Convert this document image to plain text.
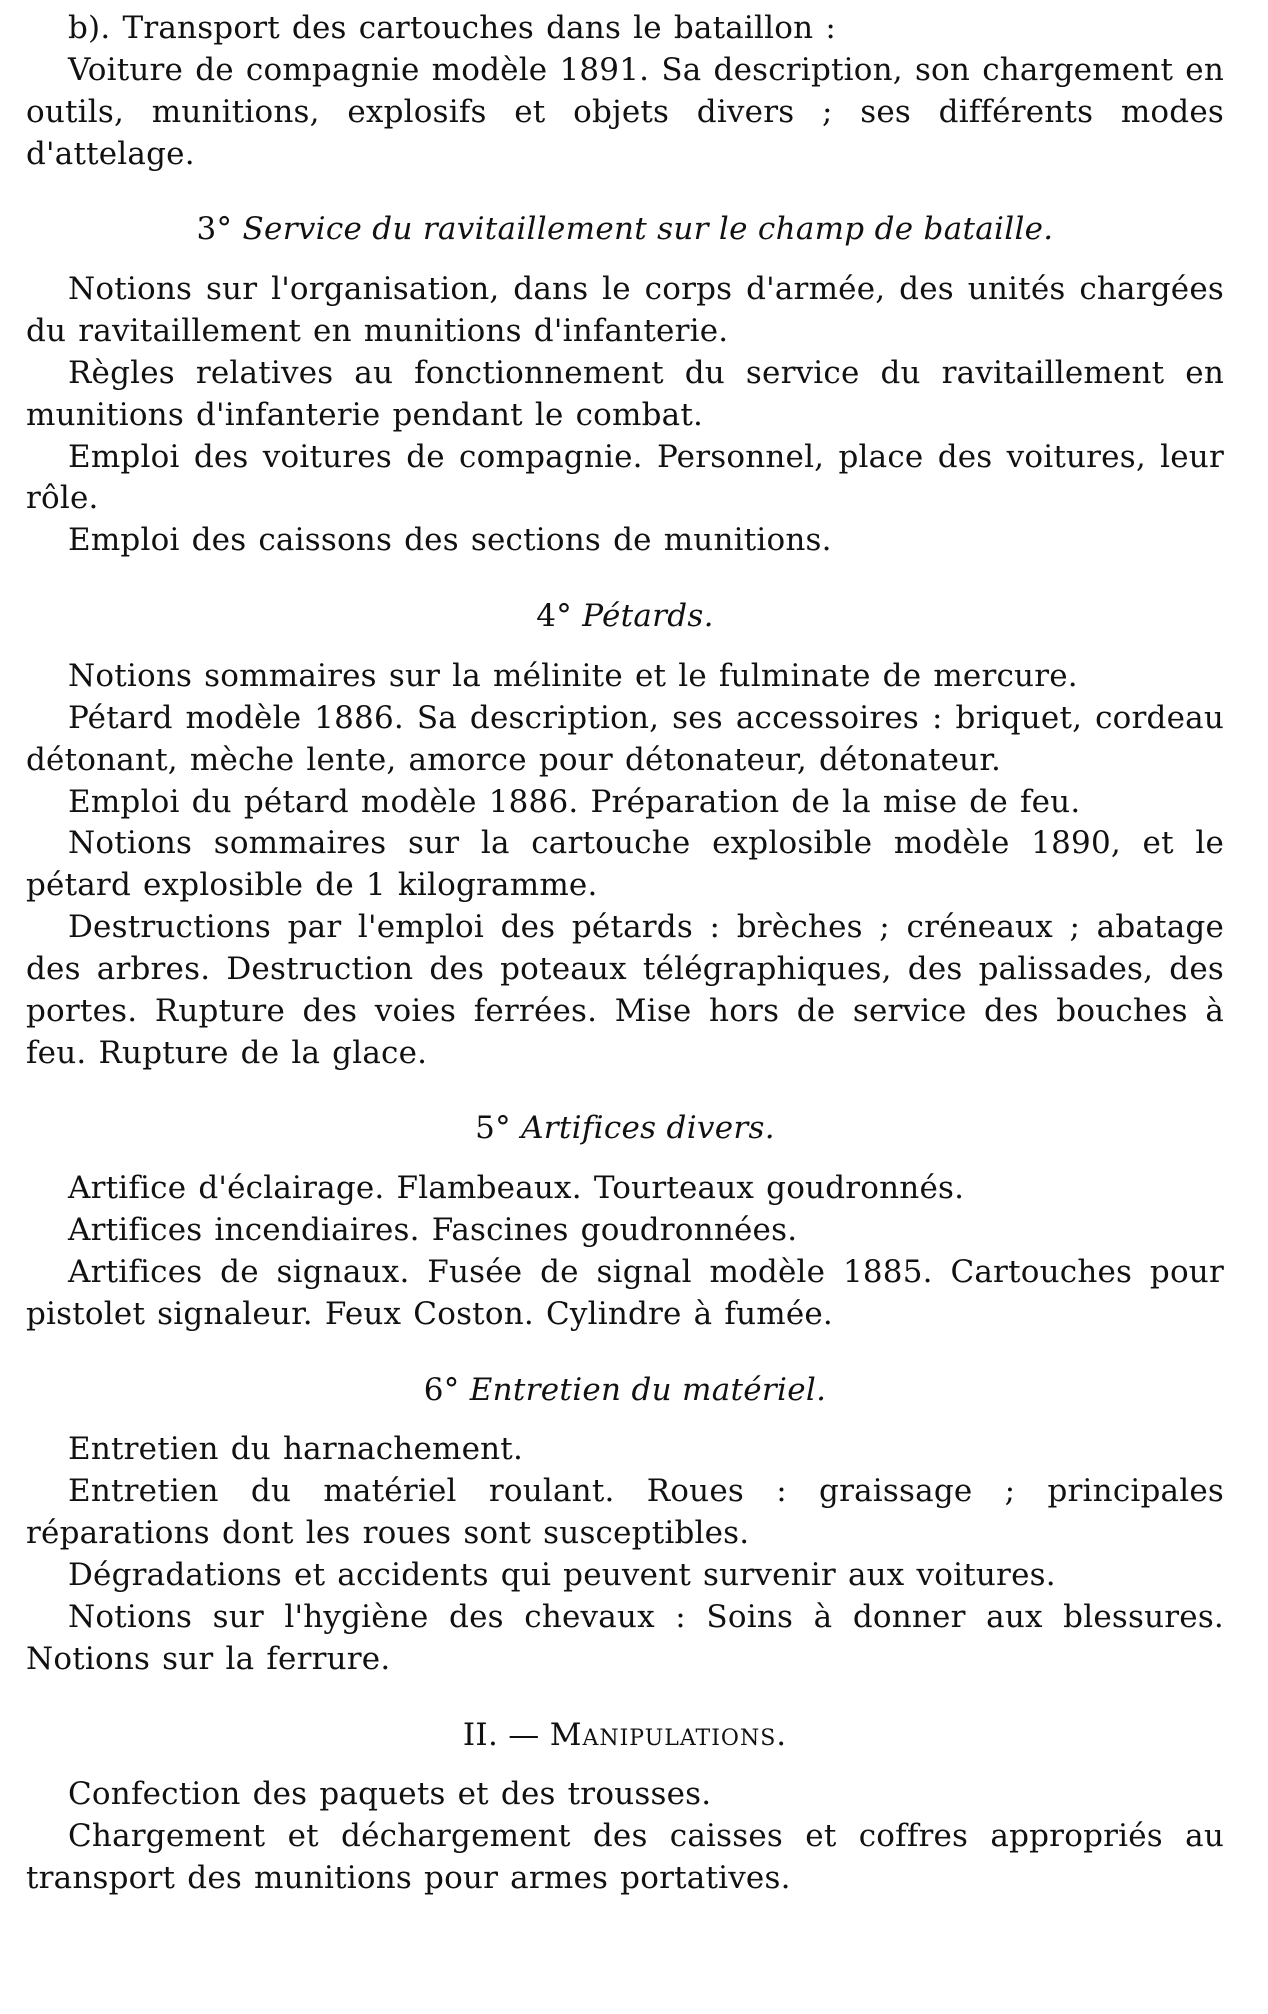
b). Transport des cartouches dans le bataillon :

Voiture de compagnie modèle 1891. Sa description, son chargement en outils, munitions, explosifs et objets divers ; ses différents modes d'attelage.

3° Service du ravitaillement sur le champ de bataille.

Notions sur l'organisation, dans le corps d'armée, des unités chargées du ravitaillement en munitions d'infanterie.

Règles relatives au fonctionnement du service du ravitaillement en munitions d'infanterie pendant le combat.

Emploi des voitures de compagnie. Personnel, place des voitures, leur rôle.

Emploi des caissons des sections de munitions.

4° Pétards.

Notions sommaires sur la mélinite et le fulminate de mercure.

Pétard modèle 1886. Sa description, ses accessoires : briquet, cordeau détonant, mèche lente, amorce pour détonateur, détonateur.

Emploi du pétard modèle 1886. Préparation de la mise de feu.

Notions sommaires sur la cartouche explosible modèle 1890, et le pétard explosible de 1 kilogramme.

Destructions par l'emploi des pétards : brèches ; créneaux ; abatage des arbres. Destruction des poteaux télégraphiques, des palissades, des portes. Rupture des voies ferrées. Mise hors de service des bouches à feu. Rupture de la glace.

5° Artifices divers.

Artifice d'éclairage. Flambeaux. Tourteaux goudronnés.

Artifices incendiaires. Fascines goudronnées.

Artifices de signaux. Fusée de signal modèle 1885. Cartouches pour pistolet signaleur. Feux Coston. Cylindre à fumée.

6° Entretien du matériel.

Entretien du harnachement.

Entretien du matériel roulant. Roues : graissage ; principales réparations dont les roues sont susceptibles.

Dégradations et accidents qui peuvent survenir aux voitures.

Notions sur l'hygiène des chevaux : Soins à donner aux blessures. Notions sur la ferrure.

II. — Manipulations.

Confection des paquets et des trousses.

Chargement et déchargement des caisses et coffres appropriés au transport des munitions pour armes portatives.
